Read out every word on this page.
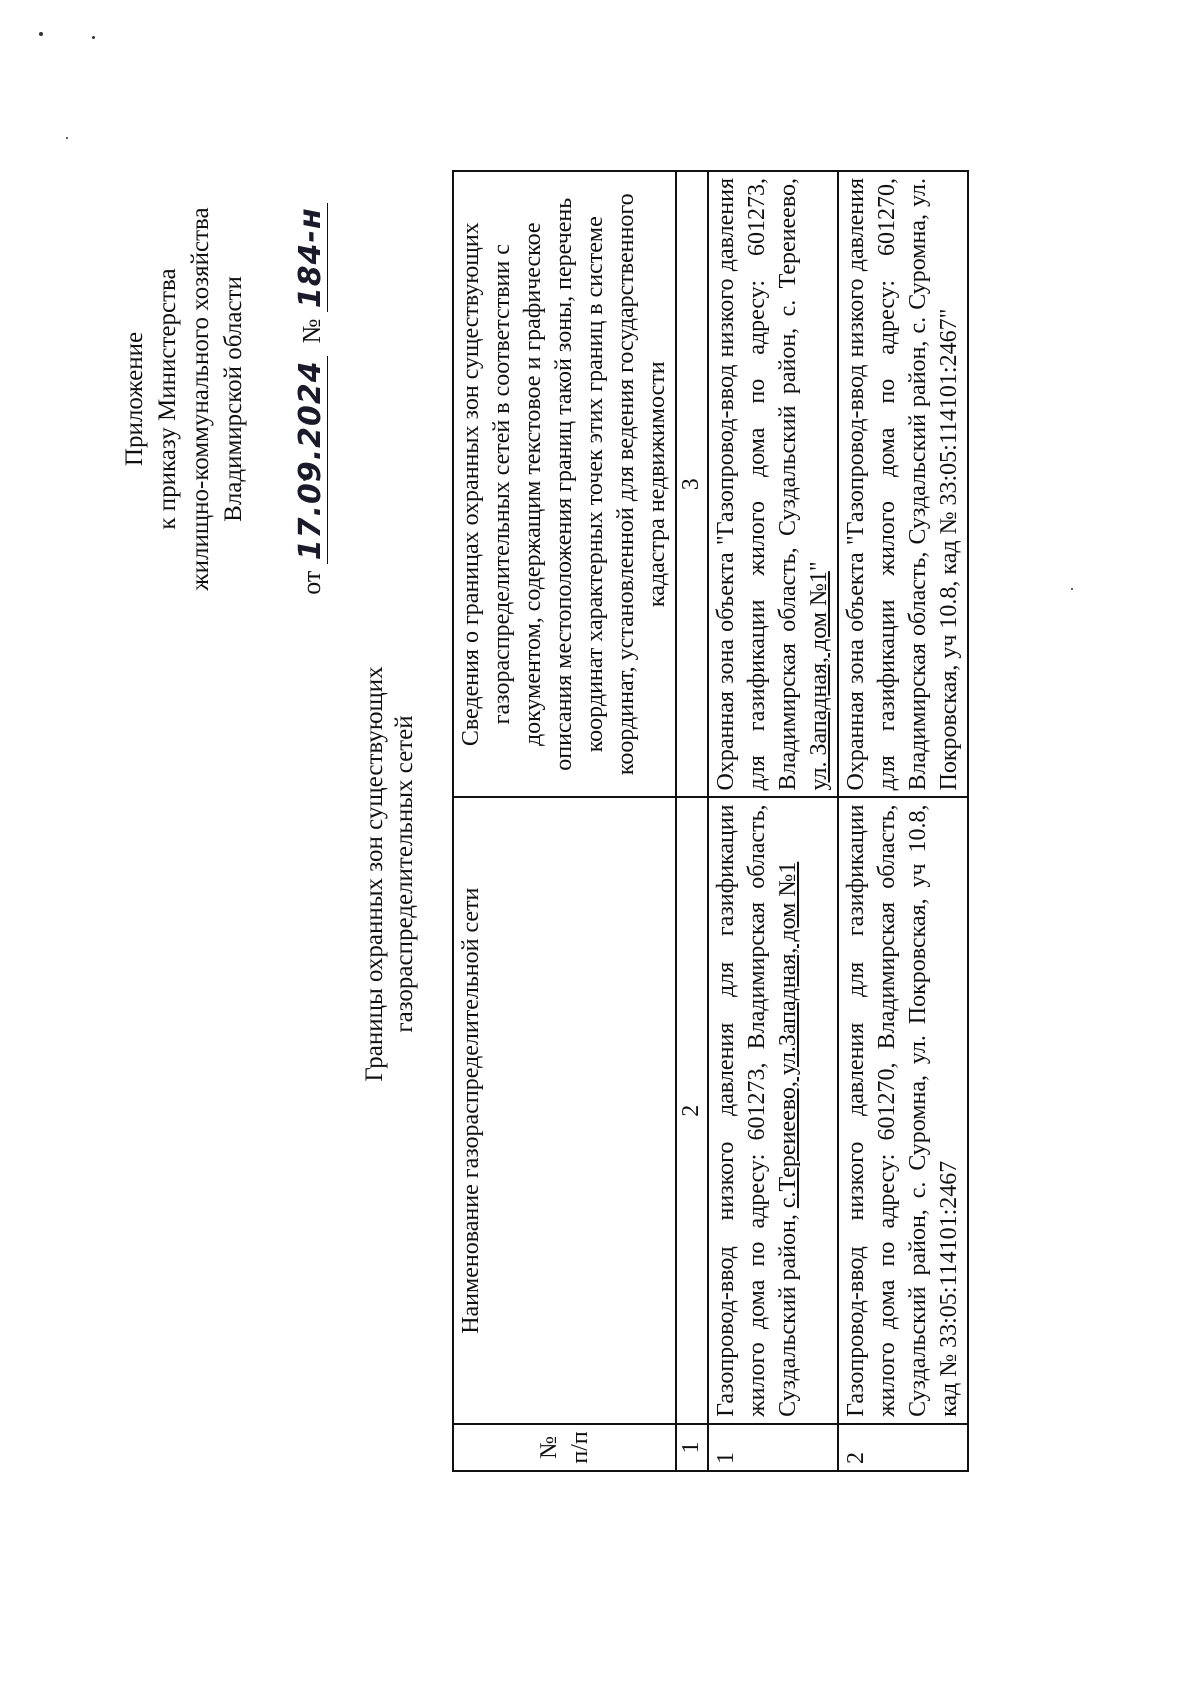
Приложение к приказу Министерства жилищно-коммунального хозяйства Владимирской области
от 17.09.2024  № 184-н
Границы охранных зон существующих газораспределительных сетей
№ п/п	Наименование газораспределительной сети	Сведения о границах охранных зон существующих газораспределительных сетей в соответствии с документом, содержащим текстовое и графическое описания местоположения границ такой зоны, перечень координат характерных точек этих границ в системе координат, установленной для ведения государственного кадастра недвижимости
1	2	3
1	Газопровод-ввод низкого давления для газификации жилого дома по адресу: 601273, Владимирская область, Суздальский район, с.Тереиеево, ул.Западная, дом №1	Охранная зона объекта "Газопровод-ввод низкого давления для газификации жилого дома по адресу: 601273, Владимирская область, Суздальский район, с. Тереиеево, ул. Западная, дом №1"
2	Газопровод-ввод низкого давления для газификации жилого дома по адресу: 601270, Владимирская область, Суздальский район, с. Суромна, ул. Покровская, уч 10.8, кад № 33:05:114101:2467	Охранная зона объекта "Газопровод-ввод низкого давления для газификации жилого дома по адресу: 601270, Владимирская область, Суздальский район, с. Суромна, ул. Покровская, уч 10.8, кад № 33:05:114101:2467"
